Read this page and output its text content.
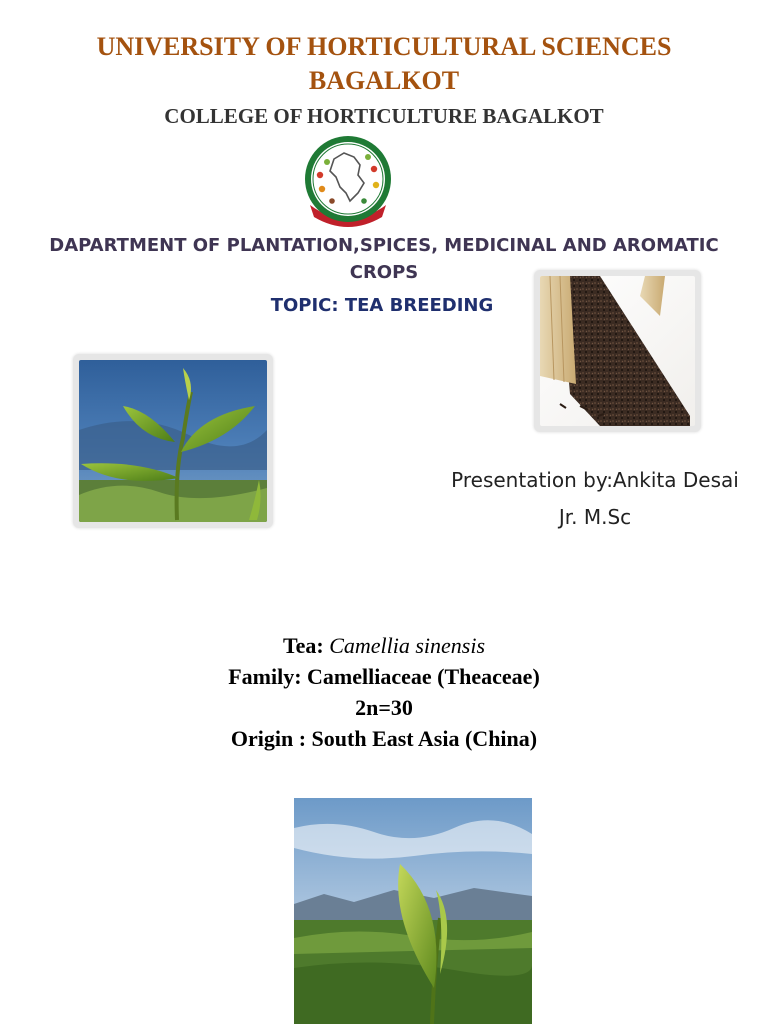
UNIVERSITY OF HORTICULTURAL SCIENCES
BAGALKOT
COLLEGE OF HORTICULTURE BAGALKOT
DAPARTMENT OF PLANTATION,SPICES, MEDICINAL AND AROMATIC
CROPS
TOPIC: TEA BREEDING
Presentation by:Ankita Desai
Jr. M.Sc
Tea: Camellia sinensis
Family: Camelliaceae (Theaceae)
2n=30
Origin : South East Asia (China)
